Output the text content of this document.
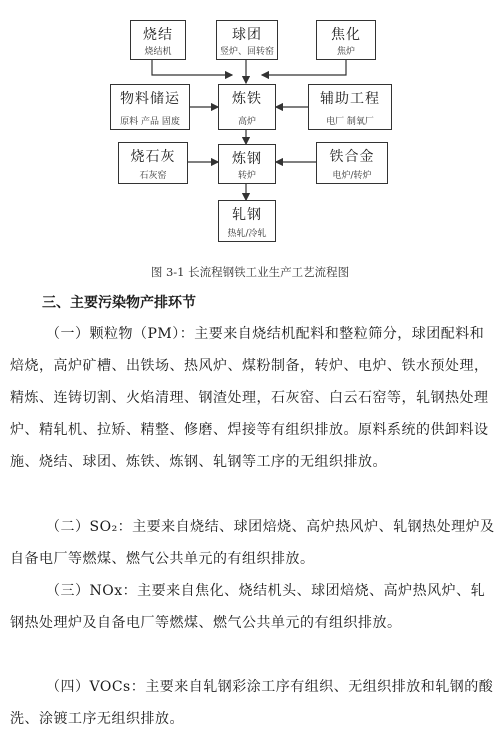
烧结
烧结机
球团
竖炉、回转窑
焦化
焦炉
物料储运
原料 产品 固废
炼铁
高炉
辅助工程
电厂 制氧厂
烧石灰
石灰窑
炼钢
转炉
铁合金
电炉/转炉
轧钢
热轧/冷轧
图 3-1 长流程钢铁工业生产工艺流程图
三、主要污染物产排环节

（一）颗粒物（PM）：主要来自烧结机配料和整粒筛分，球团配料和焙烧，高炉矿槽、出铁场、热风炉、煤粉制备，转炉、电炉、铁水预处理，精炼、连铸切割、火焰清理、钢渣处理，石灰窑、白云石窑等，轧钢热处理炉、精轧机、拉矫、精整、修磨、焊接等有组织排放。原料系统的供卸料设施、烧结、球团、炼铁、炼钢、轧钢等工序的无组织排放。

（二）SO₂：主要来自烧结、球团焙烧、高炉热风炉、轧钢热处理炉及自备电厂等燃煤、燃气公共单元的有组织排放。

（三）NOx：主要来自焦化、烧结机头、球团焙烧、高炉热风炉、轧钢热处理炉及自备电厂等燃煤、燃气公共单元的有组织排放。

（四）VOCs：主要来自轧钢彩涂工序有组织、无组织排放和轧钢的酸洗、涂镀工序无组织排放。
